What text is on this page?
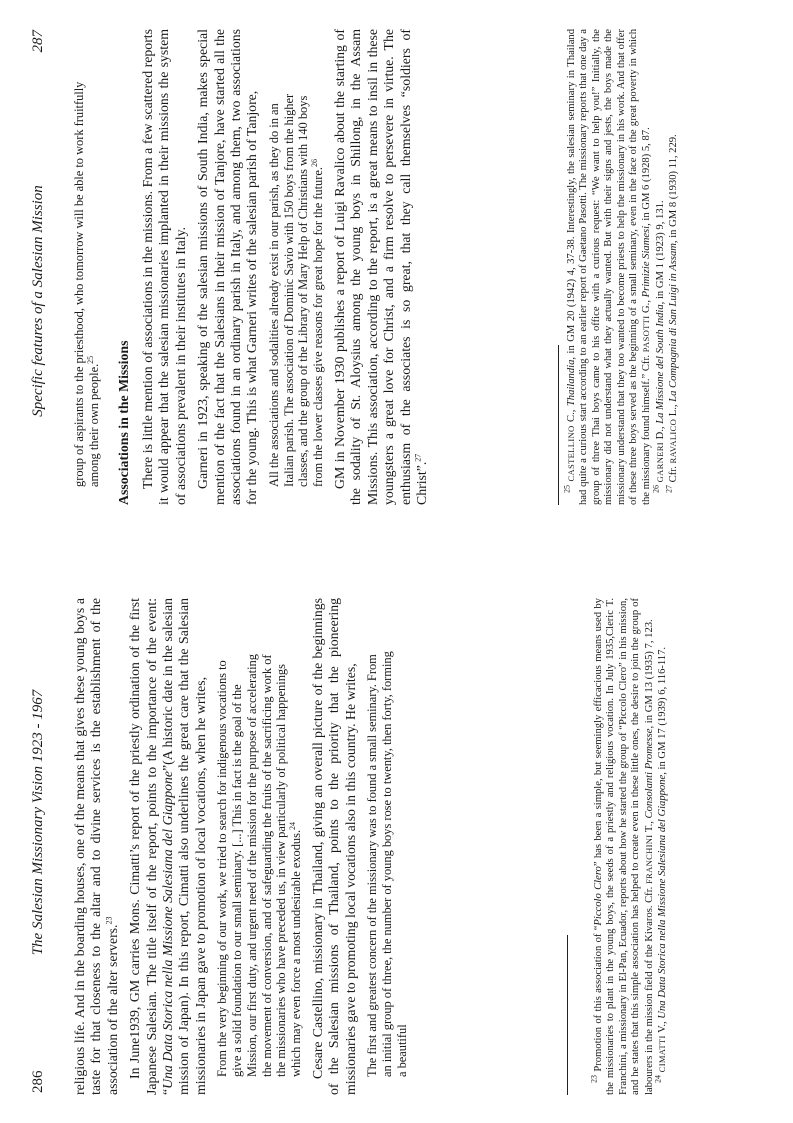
286
The Salesian Missionary Vision 1923 - 1967 religious life. And in the boarding houses, one of the means that gives these young boys a taste for that closeness to the altar and to divine services is the establishment of the association of the alter servers.$^{23}$	In June1939, GM carries Mons. Cimatti’s report of the priestly ordination of the first Japanese Salesian. The title itself of the report, points to the importance of the event: “Una Data Storica nella Missione Salesiana del Giappone”(A historic date in the salesian mission of Japan). In this report, Cimatti also underlines the great care that the Salesian missionaries in Japan gave to promotion of local vocations, when he writes, From the very beginning of our work, we tried to search for indigenous vocations to give a solid foundation to our small seminary. [...] This in fact is the goal of the Mission, our first duty, and urgent need of the mission for the purpose of accelerating the movement of conversion, and of safeguarding the fruits of the sacrificing work of the missionaries who have preceded us, in view particularly of political happenings which may even force a most undesirable exodus.$^{24}$ Cesare Castellino, missionary in Thailand, giving an overall picture of the beginnings of the Salesian missions of Thailand, points to the priority that the pioneering missionaries gave to promoting local vocations also in this country. He writes, The first and greatest concern of the missionary was to found a small seminary. From an initial group of three, the number of young boys rose to twenty, then forty, forming a beautiful

$^{23}$ Promotion of this association of “Piccolo Clero” has been a simple, but seemingly efficacious means used by the missionaries to plant in the young boys, the seeds of a priestly and religious vocation. In July 1935,Cleric T. Franchini, a missionary in El-Pan, Ecuador, reports about how he started the group of “Piccolo Clero” in his mission, and he states that this simple association has helped to create even in these little ones, the desire to join the group of labourers in the mission field of the Kivaros. Cfr. FRANCHINI T., Consolanti Promesse, in GM 13 (1935) 7, 123.

$^{24}$ CIMATTI V., Una Data Storica nella Missione Salesiana del Giappone, in GM 17 (1939) 6, 116-117.

Specific features of a Salesian Mission
287

group of aspirants to the priesthood, who tomorrow will be able to work fruitfully among their own people.$^{25}$	Associations in the Missions There is little mention of associations in the missions. From a few scattered reports it would appear that the salesian missionaries implanted in their missions the system of associations prevalent in their institutes in Italy. Garneri in 1923, speaking of the salesian missions of South India, makes special mention of the fact that the Salesians in their mission of Tanjore, have started all the associations found in an ordinary parish in Italy, and among them, two associations for the young. This is what Garneri writes of the salesian parish of Tanjore, All the associations and sodalities already exist in our parish, as they do in an Italian parish. The association of Dominic Savio with 150 boys from the higher classes, and the group of the Library of Mary Help of Christians with 140 boys from the lower classes give reasons for great hope for the future.$^{26}$ GM in November 1930 publishes a report of Luigi Ravalico about the starting of the sodality of St. Aloysius among the young boys in Shillong, in the Assam Missions. This association, according to the report, is a great means to insil in these youngsters a great love for Christ, and a firm resolve to persevere in virtue. The enthusiasm of the associates is so great, that they call themselves “soldiers of Christ”.$^{27}$

$^{25}$ CASTELLINO C., Thailandia, in GM 20 (1942) 4, 37-38. Interestingly, the salesian seminary in Thailand had quite a curious start according to an earlier report of Gaetano Pasotti. The missionary reports that one day a group of three Thai boys came to his office with a curious request: “We want to help you!” Initially, the missionary did not understand what they actually wanted. But with their signs and jests, the boys made the missionary understand that they too wanted to become priests to help the missionary in his work. And that offer of these three boys served as the beginning of a small seminary, even in the face of the great poverty in which the missionary found himself.” Cfr. PASOTTI G., Primizie Siamesi, in GM 6 (1928) 5, 87.

$^{26}$ GARNERI D., La Missione del South India, in GM 1 (1923) 9, 131.

$^{27}$ Cfr. RAVALICO L., La Compagnia di San Luigi in Assam, in GM 8 (1930) 11, 229.
